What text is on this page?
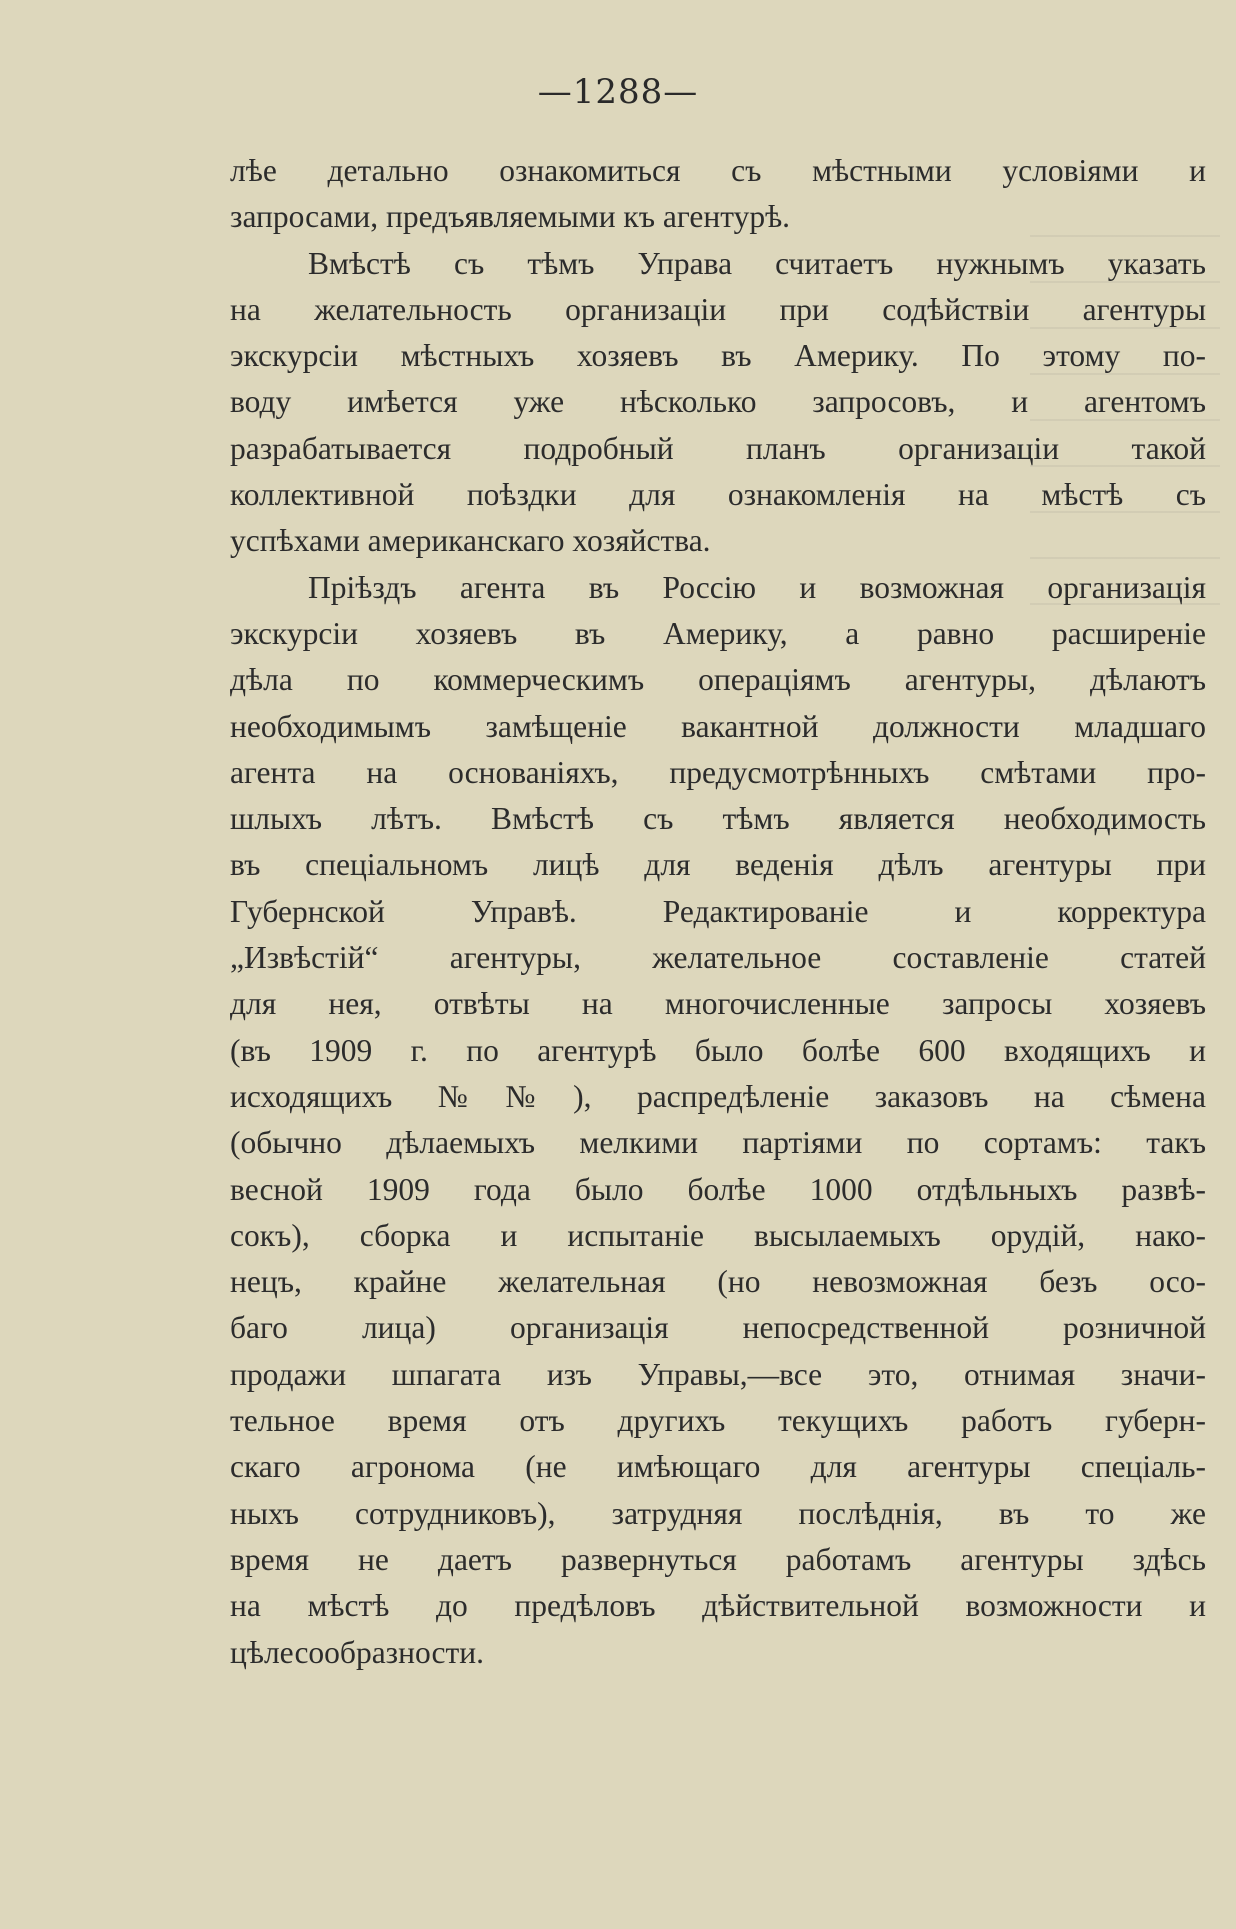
—1288—
лѣе детально ознакомиться съ мѣстными условіями и
запросами, предъявляемыми къ агентурѣ.
Вмѣстѣ съ тѣмъ Управа считаетъ нужнымъ указать
на желательность организаціи при содѣйствіи агентуры
экскурсіи мѣстныхъ хозяевъ въ Америку. По этому по-
воду имѣется уже нѣсколько запросовъ, и агентомъ
разрабатывается подробный планъ организаціи такой
коллективной поѣздки для ознакомленія на мѣстѣ съ
успѣхами американскаго хозяйства.
Пріѣздъ агента въ Россію и возможная организація
экскурсіи хозяевъ въ Америку, а равно расширеніе
дѣла по коммерческимъ операціямъ агентуры, дѣлаютъ
необходимымъ замѣщеніе вакантной должности младшаго
агента на основаніяхъ, предусмотрѣнныхъ смѣтами про-
шлыхъ лѣтъ. Вмѣстѣ съ тѣмъ является необходимость
въ спеціальномъ лицѣ для веденія дѣлъ агентуры при
Губернской Управѣ. Редактированіе и корректура
„Извѣстій“ агентуры, желательное составленіе статей
для нея, отвѣты на многочисленные запросы хозяевъ
(въ 1909 г. по агентурѣ было болѣе 600 входящихъ и
исходящихъ №№), распредѣленіе заказовъ на сѣмена
(обычно дѣлаемыхъ мелкими партіями по сортамъ: такъ
весной 1909 года было болѣе 1000 отдѣльныхъ развѣ-
сокъ), сборка и испытаніе высылаемыхъ орудій, нако-
нецъ, крайне желательная (но невозможная безъ осо-
баго лица) организація непосредственной розничной
продажи шпагата изъ Управы,—все это, отнимая значи-
тельное время отъ другихъ текущихъ работъ губерн-
скаго агронома (не имѣющаго для агентуры спеціаль-
ныхъ сотрудниковъ), затрудняя послѣднія, въ то же
время не даетъ развернуться работамъ агентуры здѣсь
на мѣстѣ до предѣловъ дѣйствительной возможности и
цѣлесообразности.
